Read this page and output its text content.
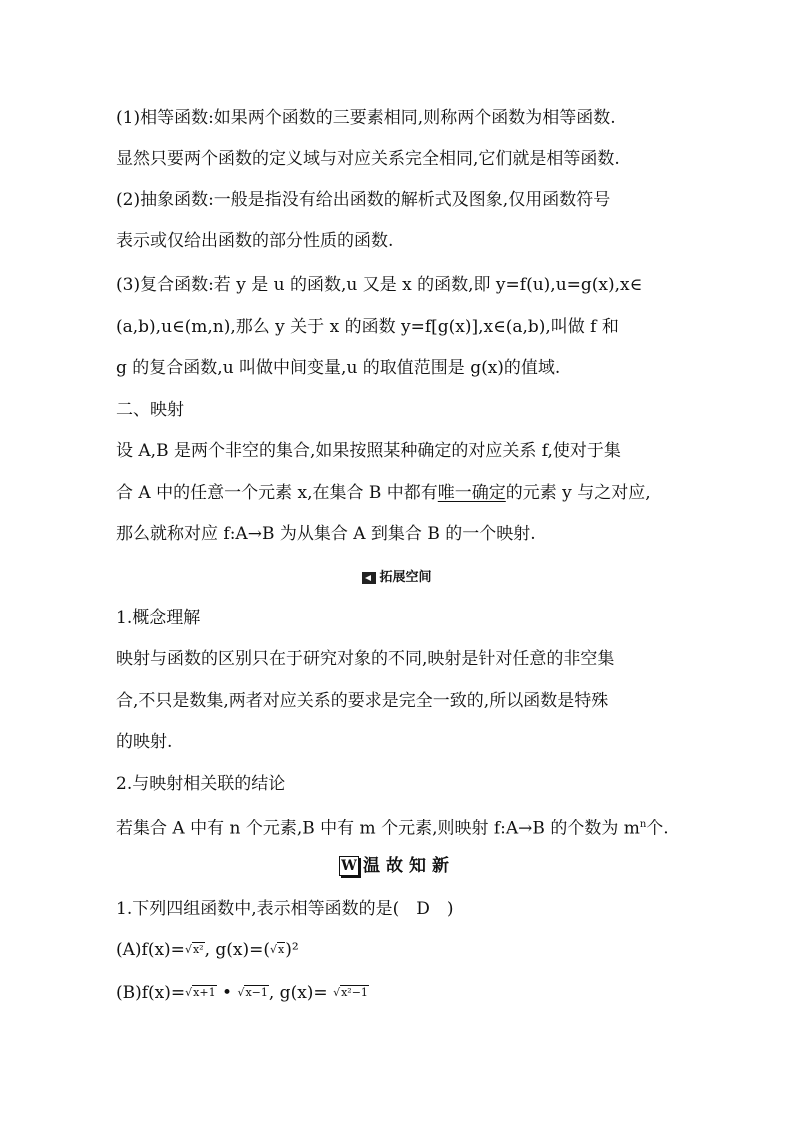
(1)相等函数:如果两个函数的三要素相同,则称两个函数为相等函数.
显然只要两个函数的定义域与对应关系完全相同,它们就是相等函数.
(2)抽象函数:一般是指没有给出函数的解析式及图象,仅用函数符号
表示或仅给出函数的部分性质的函数.
(3)复合函数:若 y 是 u 的函数,u 又是 x 的函数,即 y=f(u),u=g(x),x∈
(a,b),u∈(m,n),那么 y 关于 x 的函数 y=f[g(x)],x∈(a,b),叫做 f 和
g 的复合函数,u 叫做中间变量,u 的取值范围是 g(x)的值域.
二、映射
设 A,B 是两个非空的集合,如果按照某种确定的对应关系 f,使对于集
合 A 中的任意一个元素 x,在集合 B 中都有唯一确定的元素 y 与之对应,
那么就称对应 f:A→B 为从集合 A 到集合 B 的一个映射.
拓展空间
1.概念理解
映射与函数的区别只在于研究对象的不同,映射是针对任意的非空集
合,不只是数集,两者对应关系的要求是完全一致的,所以函数是特殊
的映射.
2.与映射相关联的结论
若集合 A 中有 n 个元素,B 中有 m 个元素,则映射 f:A→B 的个数为 $m^n$个.
W 温故知新
1.下列四组函数中,表示相等函数的是(　D　)
(A)f(x)=√x², g(x)=(√x)²
(B)f(x)=√x+1 • √x−1, g(x)= √x²−1
